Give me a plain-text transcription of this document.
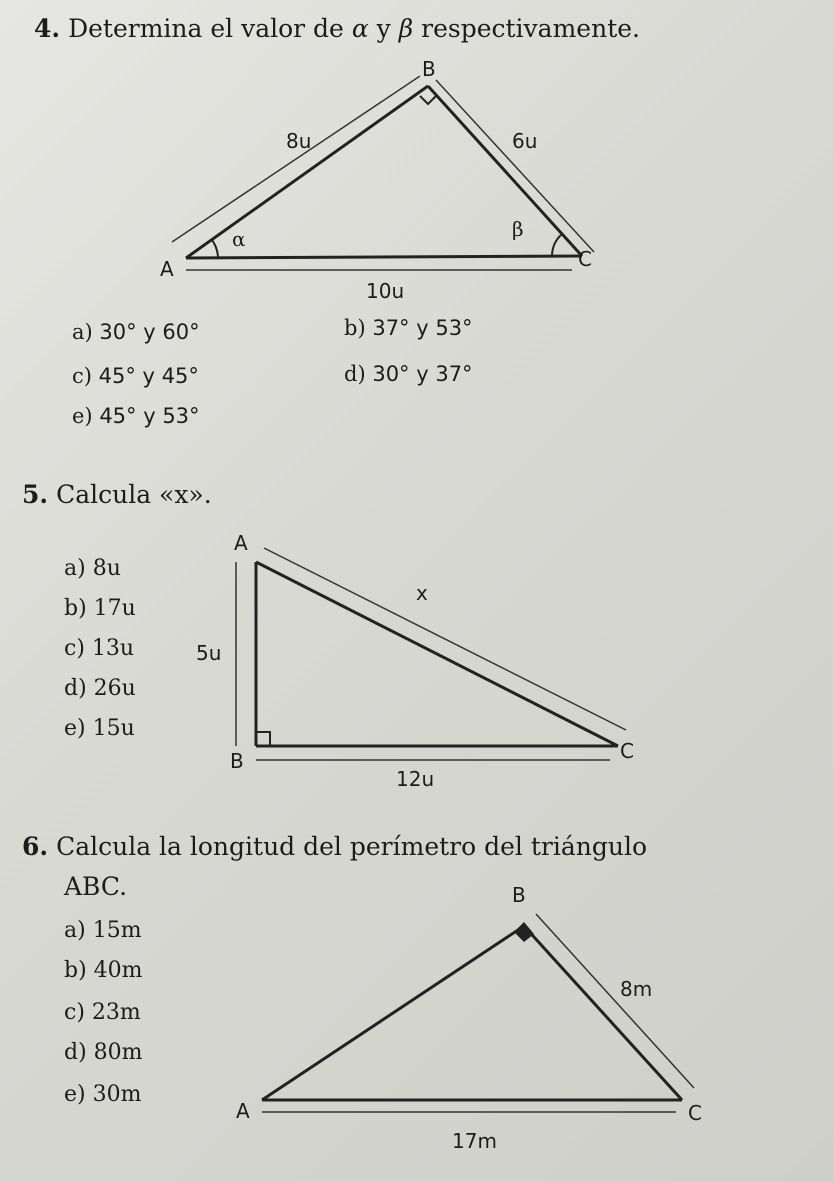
4. Determina el valor de α y β respectivamente.
B
A	C
8u	6u
10u
α	β
a) 30° y 60°	b) 37° y 53°
c) 45° y 45°	d) 30° y 37°
e) 45° y 53°
5. Calcula «x».
A
B	C
5u
12u
x
a) 8u
b) 17u
c) 13u
d) 26u
e) 15u
6. Calcula la longitud del perímetro del triángulo
ABC.	B
A	C
8m
17m
a) 15m
b) 40m
c) 23m
d) 80m
e) 30m
